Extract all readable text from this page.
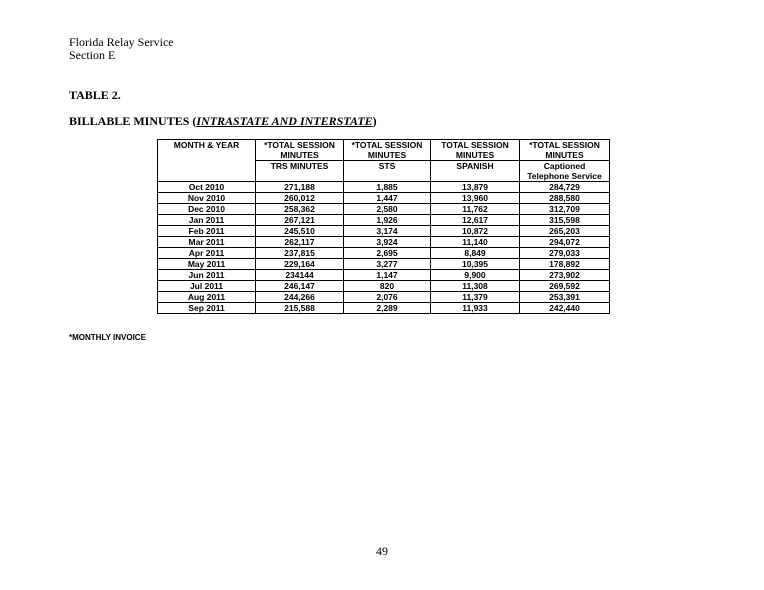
Florida Relay Service
Section E
TABLE 2.
BILLABLE MINUTES (INTRASTATE AND INTERSTATE)
MONTH & YEAR	*TOTAL SESSION MINUTES	*TOTAL SESSION MINUTES	TOTAL SESSION MINUTES	*TOTAL SESSION MINUTES
	TRS MINUTES	STS	SPANISH	Captioned Telephone Service
Oct 2010	271,188	1,885	13,879	284,729
Nov 2010	260,012	1,447	13,960	288,580
Dec 2010	258,362	2,580	11,762	312,709
Jan 2011	267,121	1,926	12,617	315,598
Feb 2011	245,510	3,174	10,872	265,203
Mar 2011	262,117	3,924	11,140	294,072
Apr 2011	237,815	2,695	8,849	279,033
May 2011	229,164	3,277	10,395	178,892
Jun 2011	234144	1,147	9,900	273,902
Jul 2011	246,147	820	11,308	269,592
Aug 2011	244,266	2,076	11,379	253,391
Sep 2011	215,588	2,289	11,933	242,440
*MONTHLY INVOICE
49
